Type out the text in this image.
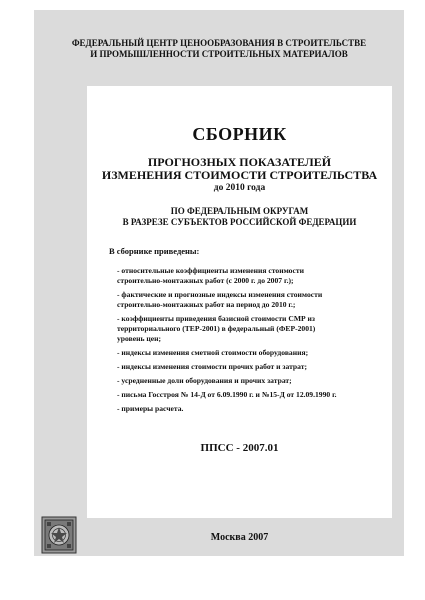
ФЕДЕРАЛЬНЫЙ ЦЕНТР ЦЕНООБРАЗОВАНИЯ В СТРОИТЕЛЬСТВЕ
И ПРОМЫШЛЕННОСТИ СТРОИТЕЛЬНЫХ МАТЕРИАЛОВ

СБОРНИК
ПРОГНОЗНЫХ ПОКАЗАТЕЛЕЙ
ИЗМЕНЕНИЯ СТОИМОСТИ СТРОИТЕЛЬСТВА

до 2010 года

ПО ФЕДЕРАЛЬНЫМ ОКРУГАМ
В РАЗРЕЗЕ СУБЪЕКТОВ РОССИЙСКОЙ ФЕДЕРАЦИИ

В сборнике приведены:

- относительные коэффициенты изменения стоимости
строительно-монтажных работ (с 2000 г. до 2007 г.);
- фактические и прогнозные индексы изменения стоимости
строительно-монтажных работ на период до 2010 г.;
- коэффициенты приведения базисной стоимости СМР из
территориального (ТЕР-2001) в федеральный (ФЕР-2001)
уровень цен;
- индексы изменения сметной стоимости оборудования;
- индексы изменения стоимости прочих работ и затрат;
- усредненные доли оборудования и прочих затрат;
- письма Госстроя № 14-Д от 6.09.1990 г. и №15-Д от 12.09.1990 г.
- примеры расчета.

ППСС - 2007.01

Москва 2007
